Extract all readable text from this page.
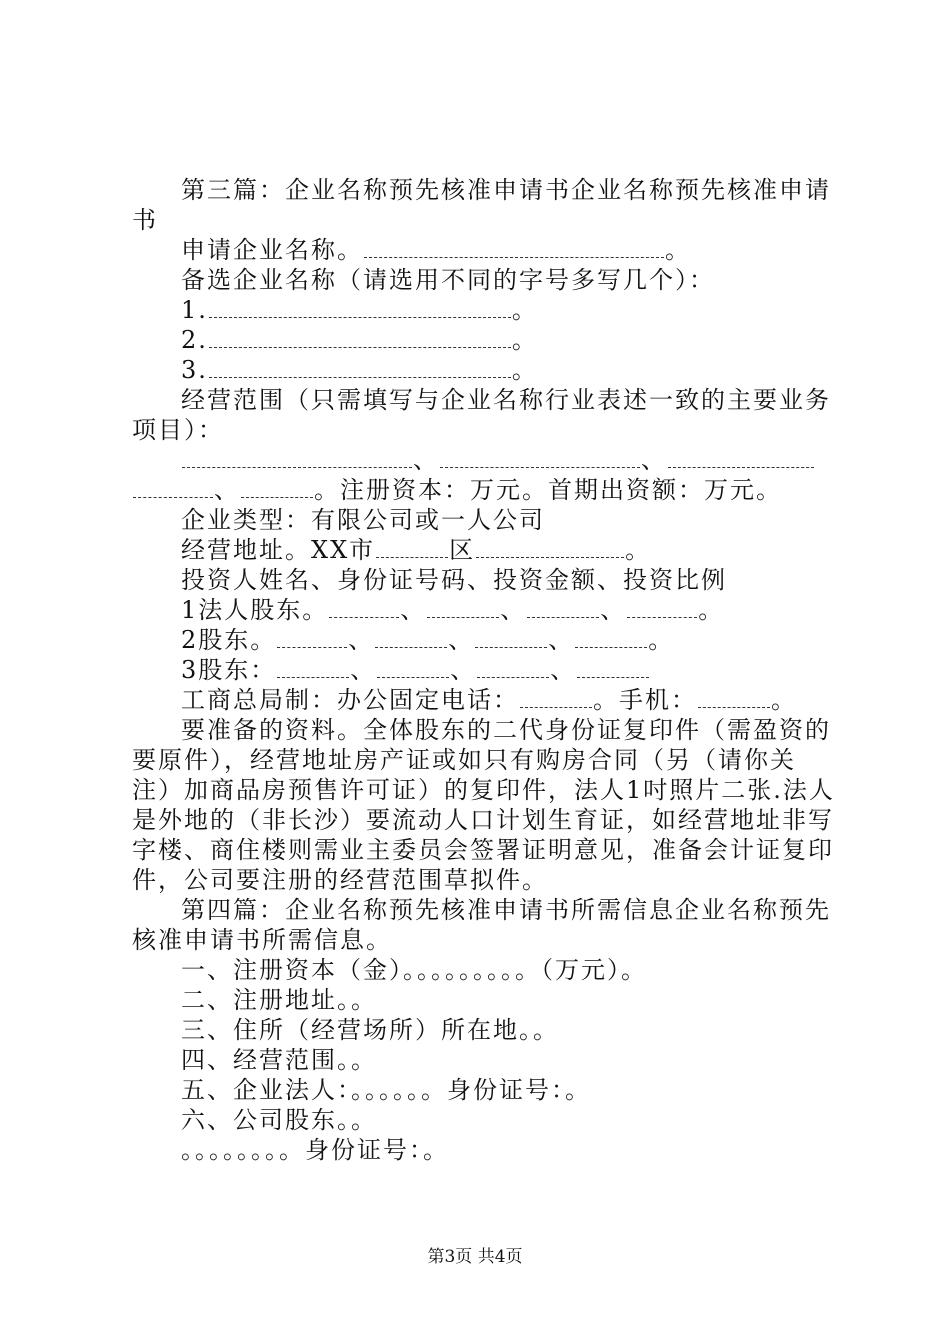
第三篇：企业名称预先核准申请书企业名称预先核准申请
书
申请企业名称。	。
备选企业名称（请选用不同的字号多写几个）：
1.	。
2.	。
3.	。
经营范围（只需填写与企业名称行业表述一致的主要业务
项目）：
、	、
、	。注册资本：万元。首期出资额：万元。
企业类型：有限公司或一人公司
经营地址。XX市	区	。
投资人姓名、身份证号码、投资金额、投资比例
1法人股东。	、	、	、	。
2股东。	、	、	、	。
3股东：	、	、	、
工商总局制：办公固定电话：	。手机：	。
要准备的资料。全体股东的二代身份证复印件（需盈资的
要原件），经营地址房产证或如只有购房合同（另（请你关
注）加商品房预售许可证）的复印件，法人1吋照片二张.法人
是外地的（非长沙）要流动人口计划生育证，如经营地址非写
字楼、商住楼则需业主委员会签署证明意见，准备会计证复印
件，公司要注册的经营范围草拟件。
第四篇：企业名称预先核准申请书所需信息企业名称预先
核准申请书所需信息。
一、注册资本（金）。。。。。。。。。（万元）。
二、注册地址。。
三、住所（经营场所）所在地。。
四、经营范围。。
五、企业法人：。。。。。。身份证号：。
六、公司股东。。
。。。。。。。。身份证号：。
第3页 共4页
